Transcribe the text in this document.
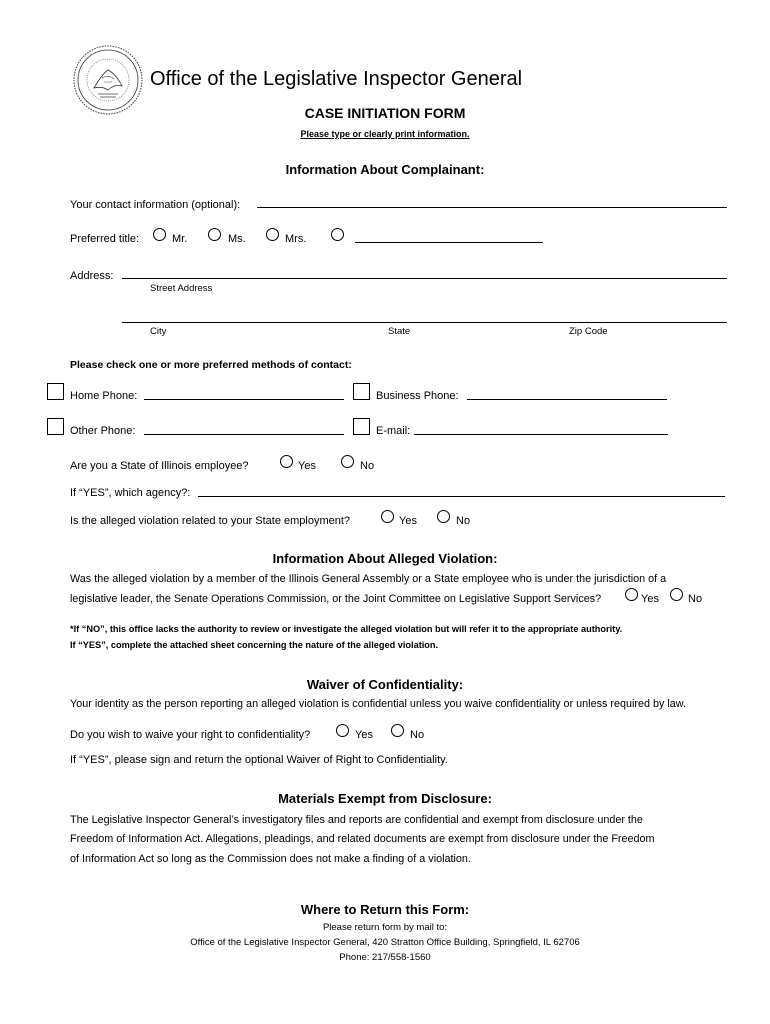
Office of the Legislative Inspector General
CASE INITIATION FORM
Please type or clearly print information.
Information About Complainant:
Your contact information (optional):
Preferred title:	Mr.	Ms.	Mrs.
Address:
Street Address
City	State	Zip Code
Please check one or more preferred methods of contact:
Home Phone:	Business Phone:
Other Phone:	E-mail:
Are you a State of Illinois employee?	Yes	No
If “YES”, which agency?:
Is the alleged violation related to your State employment?	Yes	No
Information About Alleged Violation:
Was the alleged violation by a member of the Illinois General Assembly or a State employee who is under the jurisdiction of a
legislative leader, the Senate Operations Commission, or the Joint Committee on Legislative Support Services?	Yes	No
*If “NO”, this office lacks the authority to review or investigate the alleged violation but will refer it to the appropriate authority.
If “YES”, complete the attached sheet concerning the nature of the alleged violation.
Waiver of Confidentiality:
Your identity as the person reporting an alleged violation is confidential unless you waive confidentiality or unless required by law.
Do you wish to waive your right to confidentiality?	Yes	No
If “YES”, please sign and return the optional Waiver of Right to Confidentiality.
Materials Exempt from Disclosure:
The Legislative Inspector General’s investigatory files and reports are confidential and exempt from disclosure under the
Freedom of Information Act. Allegations, pleadings, and related documents are exempt from disclosure under the Freedom
of Information Act so long as the Commission does not make a finding of a violation.
Where to Return this Form:
Please return form by mail to:
Office of the Legislative Inspector General, 420 Stratton Office Building, Springfield, IL 62706
Phone: 217/558-1560
